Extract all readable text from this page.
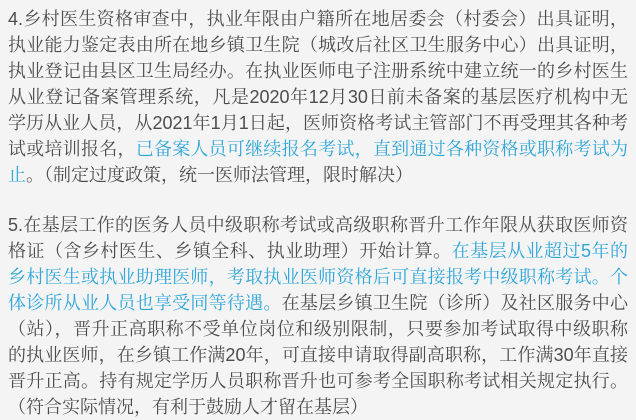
4.乡村医生资格审查中，执业年限由户籍所在地居委会（村委会）出具证明，执业能力鉴定表由所在地乡镇卫生院（城改后社区卫生服务中心）出具证明，执业登记由县区卫生局经办。在执业医师电子注册系统中建立统一的乡村医生从业登记备案管理系统，凡是2020年12月30日前未备案的基层医疗机构中无学历从业人员，从2021年1月1日起，医师资格考试主管部门不再受理其各种考试或培训报名，已备案人员可继续报名考试，直到通过各种资格或职称考试为止。（制定过度政策，统一医师法管理，限时解决）

5.在基层工作的医务人员中级职称考试或高级职称晋升工作年限从获取医师资格证（含乡村医生、乡镇全科、执业助理）开始计算。在基层从业超过5年的乡村医生或执业助理医师，考取执业医师资格后可直接报考中级职称考试。个体诊所从业人员也享受同等待遇。在基层乡镇卫生院（诊所）及社区服务中心（站），晋升正高职称不受单位岗位和级别限制，只要参加考试取得中级职称的执业医师，在乡镇工作满20年，可直接申请取得副高职称，工作满30年直接晋升正高。持有规定学历人员职称晋升也可参考全国职称考试相关规定执行。（符合实际情况，有利于鼓励人才留在基层）
